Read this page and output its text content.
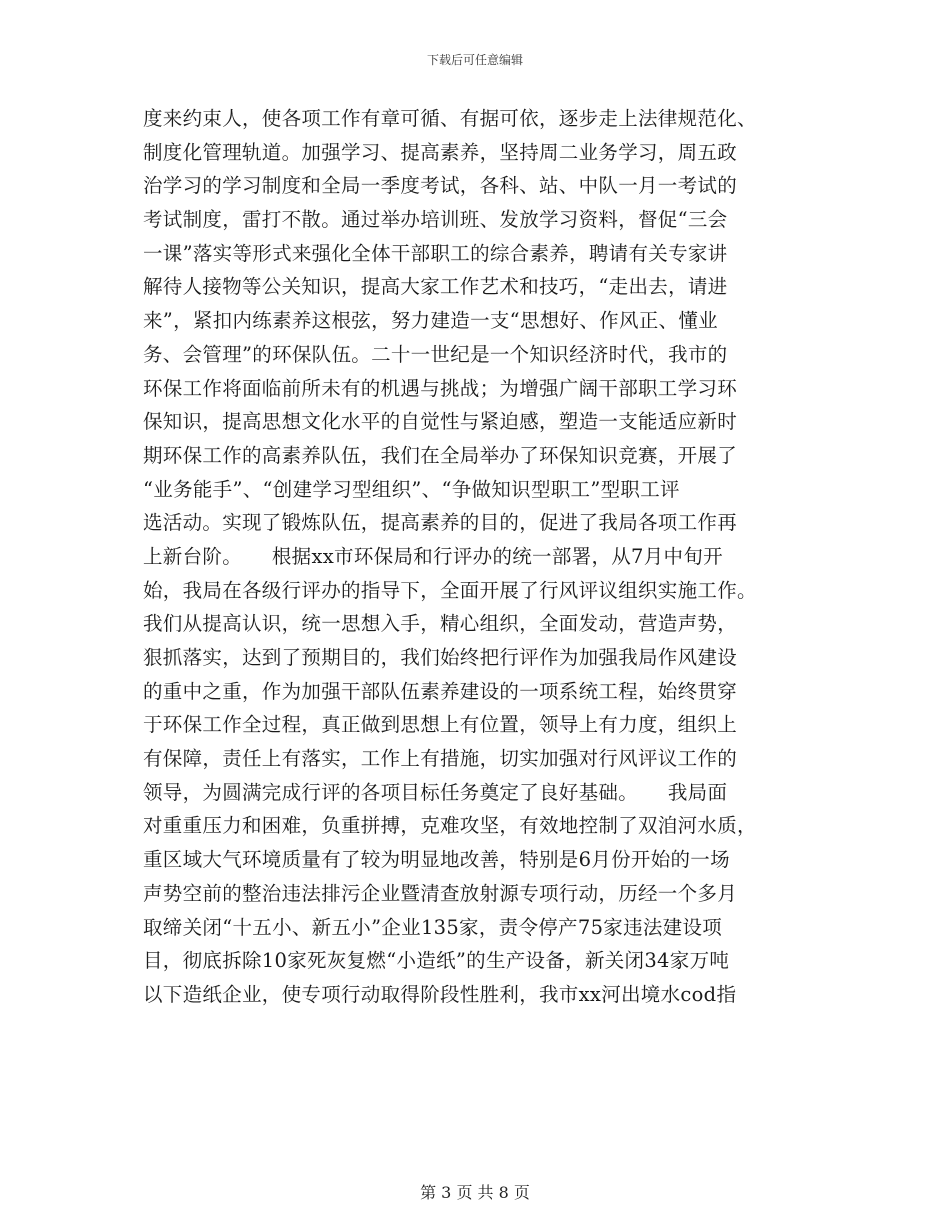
下载后可任意编辑
度来约束人，使各项工作有章可循、有据可依，逐步走上法律规范化、
制度化管理轨道。加强学习、提高素养，坚持周二业务学习，周五政
治学习的学习制度和全局一季度考试，各科、站、中队一月一考试的
考试制度，雷打不散。通过举办培训班、发放学习资料，督促“三会
一课”落实等形式来强化全体干部职工的综合素养，聘请有关专家讲
解待人接物等公关知识，提高大家工作艺术和技巧，“走出去，请进
来”，紧扣内练素养这根弦，努力建造一支“思想好、作风正、懂业
务、会管理”的环保队伍。二十一世纪是一个知识经济时代，我市的
环保工作将面临前所未有的机遇与挑战；为增强广阔干部职工学习环
保知识，提高思想文化水平的自觉性与紧迫感，塑造一支能适应新时
期环保工作的高素养队伍，我们在全局举办了环保知识竞赛，开展了
“业务能手”、“创建学习型组织”、“争做知识型职工”型职工评
选活动。实现了锻炼队伍，提高素养的目的，促进了我局各项工作再
上新台阶。　　根据xx市环保局和行评办的统一部署，从7月中旬开
始，我局在各级行评办的指导下，全面开展了行风评议组织实施工作。
我们从提高认识，统一思想入手，精心组织，全面发动，营造声势，
狠抓落实，达到了预期目的，我们始终把行评作为加强我局作风建设
的重中之重，作为加强干部队伍素养建设的一项系统工程，始终贯穿
于环保工作全过程，真正做到思想上有位置，领导上有力度，组织上
有保障，责任上有落实，工作上有措施，切实加强对行风评议工作的
领导，为圆满完成行评的各项目标任务奠定了良好基础。　　我局面
对重重压力和困难，负重拼搏，克难攻坚，有效地控制了双洎河水质，
重区域大气环境质量有了较为明显地改善，特别是6月份开始的一场
声势空前的整治违法排污企业暨清查放射源专项行动，历经一个多月
取缔关闭“十五小、新五小”企业135家，责令停产75家违法建设项
目，彻底拆除10家死灰复燃“小造纸”的生产设备，新关闭34家万吨
以下造纸企业，使专项行动取得阶段性胜利，我市xx河出境水cod指
第 3 页 共 8 页
